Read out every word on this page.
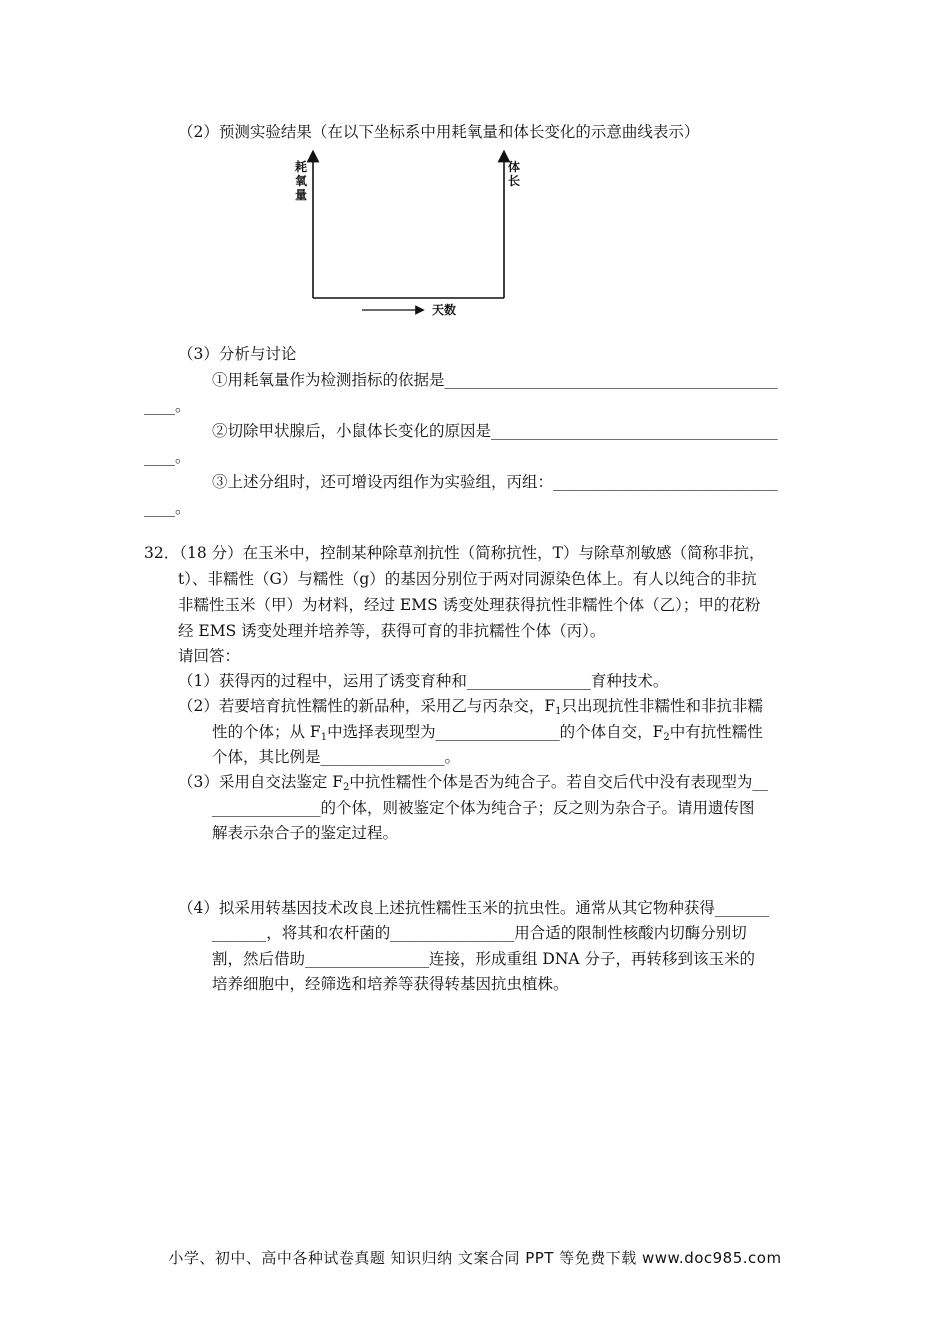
（2）预测实验结果（在以下坐标系中用耗氧量和体长变化的示意曲线表示）
耗氧量
体长
天数
（3）分析与讨论
①用耗氧量作为检测指标的依据是___________________________________________
____。
②切除甲状腺后，小鼠体长变化的原因是_____________________________________
____。
③上述分组时，还可增设丙组作为实验组，丙组：_____________________________
____。
32．（18 分）在玉米中，控制某种除草剂抗性（简称抗性，T）与除草剂敏感（简称非抗，
t）、非糯性（G）与糯性（g）的基因分别位于两对同源染色体上。有人以纯合的非抗
非糯性玉米（甲）为材料，经过 EMS 诱变处理获得抗性非糯性个体（乙）；甲的花粉
经 EMS 诱变处理并培养等，获得可育的非抗糯性个体（丙）。
请回答：
（1）获得丙的过程中，运用了诱变育种和________________育种技术。
（2）若要培育抗性糯性的新品种，采用乙与丙杂交，$F_1$只出现抗性非糯性和非抗非糯
性的个体；从 $F_1$中选择表现型为________________的个体自交，$F_2$中有抗性糯性
个体，其比例是________________。
（3）采用自交法鉴定 $F_2$中抗性糯性个体是否为纯合子。若自交后代中没有表现型为__
______________的个体，则被鉴定个体为纯合子；反之则为杂合子。请用遗传图
解表示杂合子的鉴定过程。
（4）拟采用转基因技术改良上述抗性糯性玉米的抗虫性。通常从其它物种获得_______
_______，将其和农杆菌的________________用合适的限制性核酸内切酶分别切
割，然后借助________________连接，形成重组 DNA 分子，再转移到该玉米的
培养细胞中，经筛选和培养等获得转基因抗虫植株。
小学、初中、高中各种试卷真题 知识归纳 文案合同 PPT 等免费下载 www.doc985.com
